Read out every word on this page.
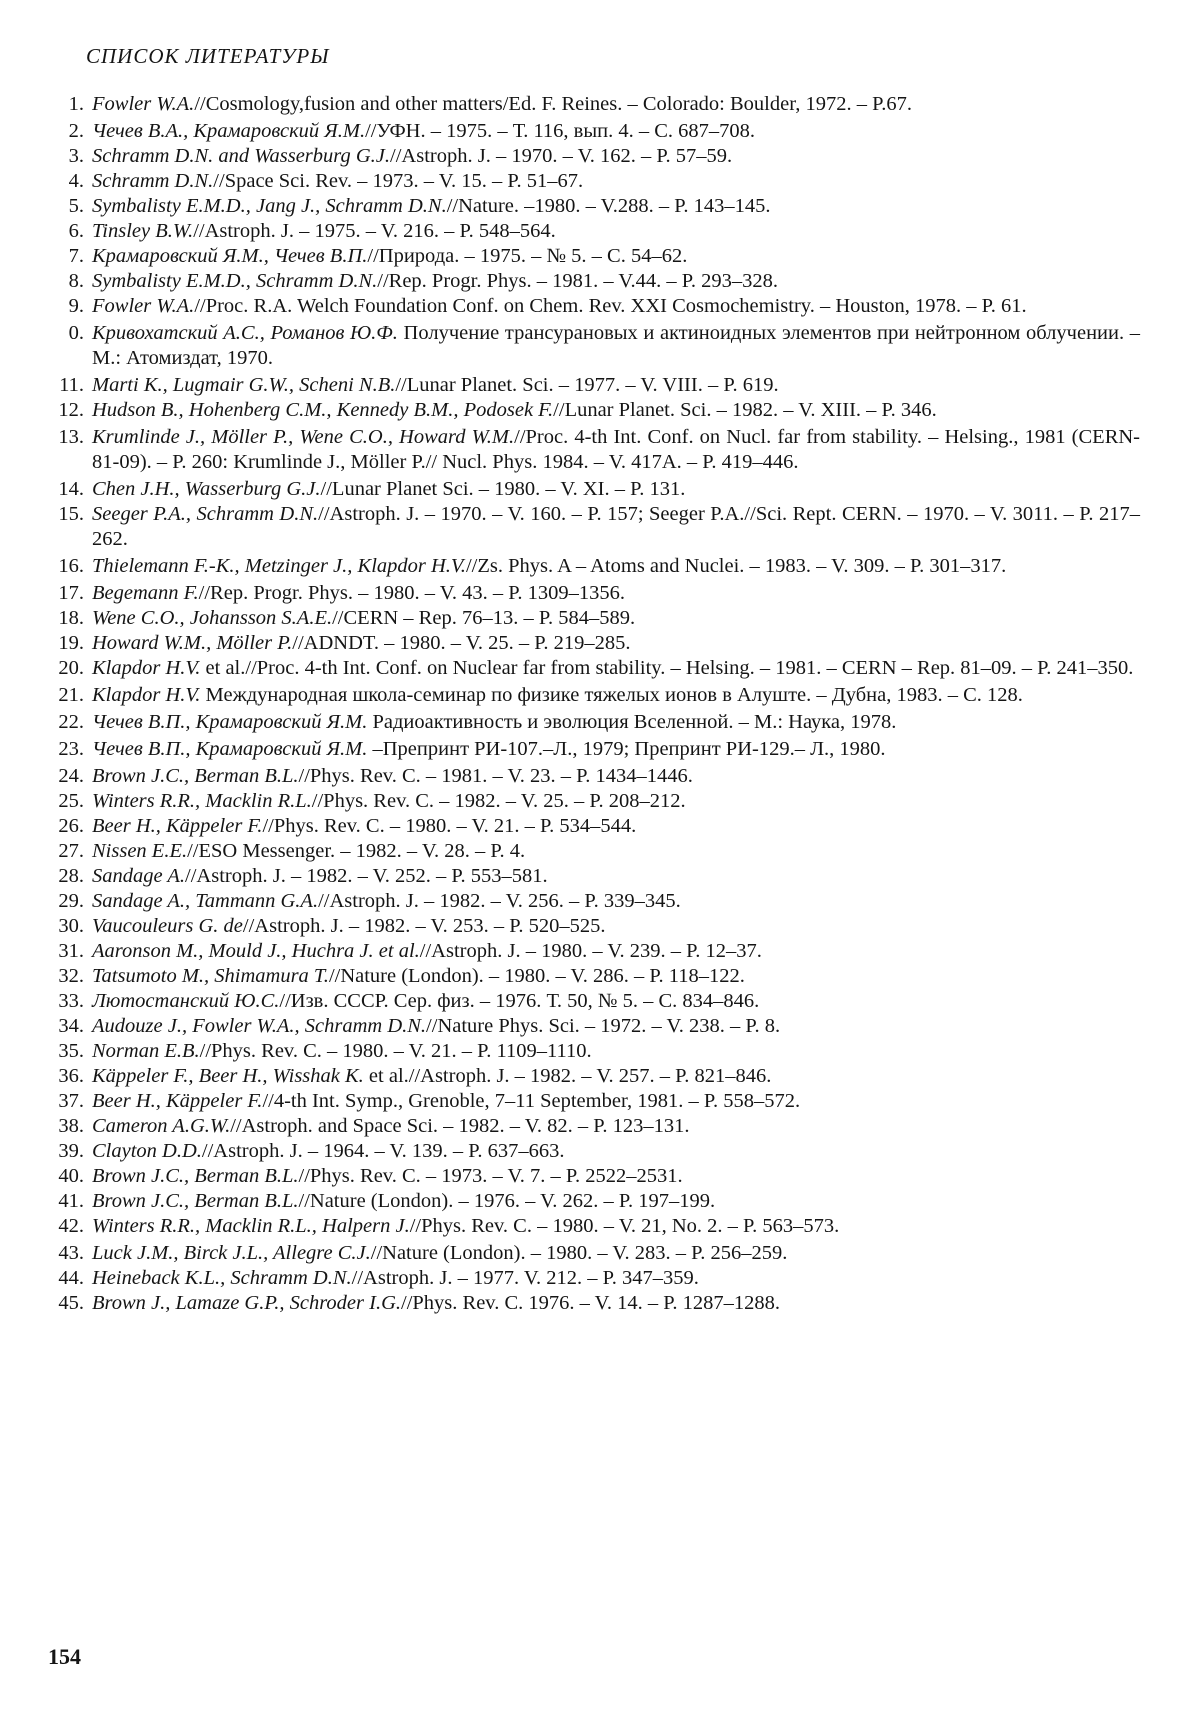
СПИСОК ЛИТЕРАТУРЫ
1. Fowler W.A.//Cosmology,fusion and other matters/Ed. F. Reines. – Colorado: Boulder, 1972. – P.67.
2. Чечев В.А., Крамаровский Я.М.//УФН. – 1975. – Т. 116, вып. 4. – С. 687–708.
3. Schramm D.N. and Wasserburg G.J.//Astroph. J. – 1970. – V. 162. – P. 57–59.
4. Schramm D.N.//Space Sci. Rev. – 1973. – V. 15. – P. 51–67.
5. Symbalisty E.M.D., Jang J., Schramm D.N.//Nature. –1980. – V.288. – P. 143–145.
6. Tinsley B.W.//Astroph. J. – 1975. – V. 216. – P. 548–564.
7. Крамаровский Я.М., Чечев В.П.//Природа. – 1975. – № 5. – С. 54–62.
8. Symbalisty E.M.D., Schramm D.N.//Rep. Progr. Phys. – 1981. – V.44. – P. 293–328.
9. Fowler W.A.//Proc. R.A. Welch Foundation Conf. on Chem. Rev. XXI Cosmochemistry. – Houston, 1978. – P. 61.
0. Кривохатский А.С., Романов Ю.Ф. Получение трансурановых и актиноидных элементов при нейтронном облучении. – М.: Атомиздат, 1970.
11. Marti K., Lugmair G.W., Scheni N.B.//Lunar Planet. Sci. – 1977. – V. VIII. – P. 619.
12. Hudson B., Hohenberg C.M., Kennedy B.M., Podosek F.//Lunar Planet. Sci. – 1982. – V. XIII. – P. 346.
13. Krumlinde J., Möller P., Wene C.O., Howard W.M.//Proc. 4-th Int. Conf. on Nucl. far from stability. – Helsing., 1981 (CERN-81-09). – P. 260: Krumlinde J., Möller P.// Nucl. Phys. 1984. – V. 417A. – P. 419–446.
14. Chen J.H., Wasserburg G.J.//Lunar Planet Sci. – 1980. – V. XI. – P. 131.
15. Seeger P.A., Schramm D.N.//Astroph. J. – 1970. – V. 160. – P. 157; Seeger P.A.//Sci. Rept. CERN. – 1970. – V. 3011. – P. 217–262.
16. Thielemann F.-K., Metzinger J., Klapdor H.V.//Zs. Phys. A – Atoms and Nuclei. – 1983. – V. 309. – P. 301–317.
17. Begemann F.//Rep. Progr. Phys. – 1980. – V. 43. – P. 1309–1356.
18. Wene C.O., Johansson S.A.E.//CERN – Rep. 76–13. – P. 584–589.
19. Howard W.M., Möller P.//ADNDT. – 1980. – V. 25. – P. 219–285.
20. Klapdor H.V. et al.//Proc. 4-th Int. Conf. on Nuclear far from stability. – Helsing. – 1981. – CERN – Rep. 81–09. – P. 241–350.
21. Klapdor H.V. Международная школа-семинар по физике тяжелых ионов в Алуште. – Дубна, 1983. – С. 128.
22. Чечев В.П., Крамаровский Я.М. Радиоактивность и эволюция Вселенной. – М.: Наука, 1978.
23. Чечев В.П., Крамаровский Я.М. –Препринт РИ-107.–Л., 1979; Препринт РИ-129.– Л., 1980.
24. Brown J.C., Berman B.L.//Phys. Rev. C. – 1981. – V. 23. – P. 1434–1446.
25. Winters R.R., Macklin R.L.//Phys. Rev. C. – 1982. – V. 25. – P. 208–212.
26. Beer H., Käppeler F.//Phys. Rev. C. – 1980. – V. 21. – P. 534–544.
27. Nissen E.E.//ESO Messenger. – 1982. – V. 28. – P. 4.
28. Sandage A.//Astroph. J. – 1982. – V. 252. – P. 553–581.
29. Sandage A., Tammann G.A.//Astroph. J. – 1982. – V. 256. – P. 339–345.
30. Vaucouleurs G. de//Astroph. J. – 1982. – V. 253. – P. 520–525.
31. Aaronson M., Mould J., Huchra J. et al.//Astroph. J. – 1980. – V. 239. – P. 12–37.
32. Tatsumoto M., Shimamura T.//Nature (London). – 1980. – V. 286. – P. 118–122.
33. Лютостанский Ю.С.//Изв. СССР. Сер. физ. – 1976. Т. 50, № 5. – С. 834–846.
34. Audouze J., Fowler W.A., Schramm D.N.//Nature Phys. Sci. – 1972. – V. 238. – P. 8.
35. Norman E.B.//Phys. Rev. C. – 1980. – V. 21. – P. 1109–1110.
36. Käppeler F., Beer H., Wisshak K. et al.//Astroph. J. – 1982. – V. 257. – P. 821–846.
37. Beer H., Käppeler F.//4-th Int. Symp., Grenoble, 7–11 September, 1981. – P. 558–572.
38. Cameron A.G.W.//Astroph. and Space Sci. – 1982. – V. 82. – P. 123–131.
39. Clayton D.D.//Astroph. J. – 1964. – V. 139. – P. 637–663.
40. Brown J.C., Berman B.L.//Phys. Rev. C. – 1973. – V. 7. – P. 2522–2531.
41. Brown J.C., Berman B.L.//Nature (London). – 1976. – V. 262. – P. 197–199.
42. Winters R.R., Macklin R.L., Halpern J.//Phys. Rev. C. – 1980. – V. 21, No. 2. – P. 563–573.
43. Luck J.M., Birck J.L., Allegre C.J.//Nature (London). – 1980. – V. 283. – P. 256–259.
44. Heineback K.L., Schramm D.N.//Astroph. J. – 1977. V. 212. – P. 347–359.
45. Brown J., Lamaze G.P., Schroder I.G.//Phys. Rev. C. 1976. – V. 14. – P. 1287–1288.
154
